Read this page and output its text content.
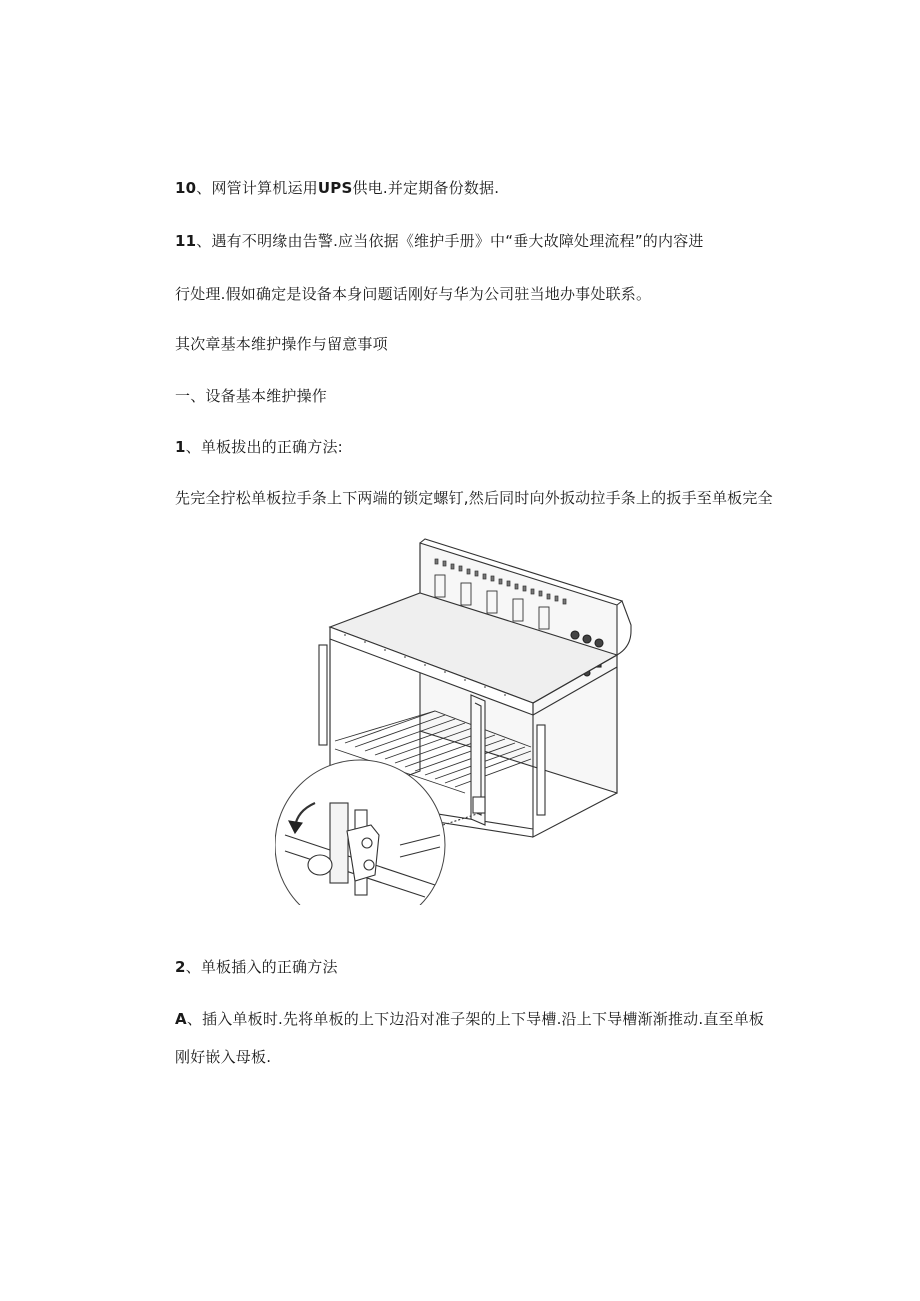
10、网管计算机运用UPS供电.并定期备份数据.
11、遇有不明缘由告警.应当依据《维护手册》中“垂大故障处理流程”的内容进
行处理.假如确定是设备本身问题话刚好与华为公司驻当地办事处联系。
其次章基本维护操作与留意事项
一、设备基本维护操作
1、单板拔出的正确方法:
先完全拧松单板拉手条上下两端的锁定螺钉,然后同时向外扳动拉手条上的扳手至单板完全
2、单板插入的正确方法
A、插入单板时.先将单板的上下边沿对准子架的上下导槽.沿上下导槽渐渐推动.直至单板
刚好嵌入母板.
